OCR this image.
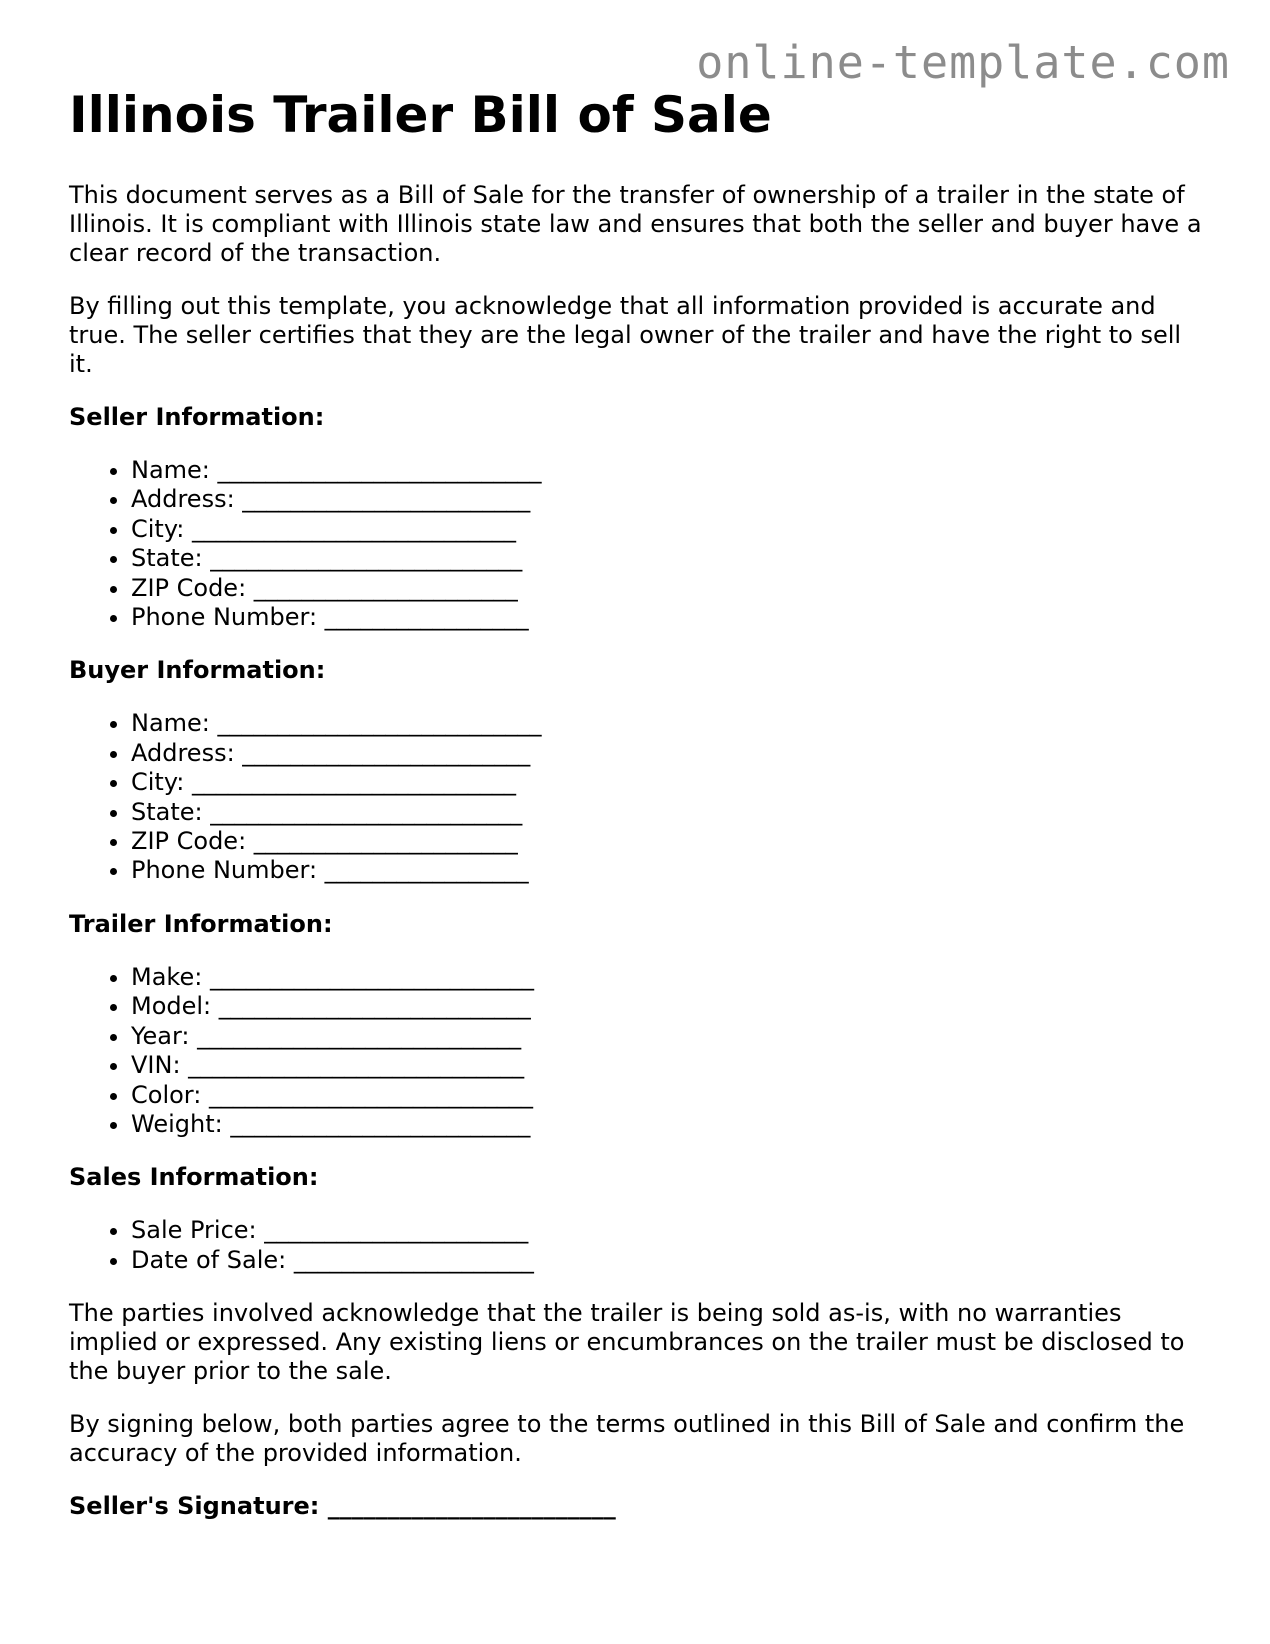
online-template.com
Illinois Trailer Bill of Sale

This document serves as a Bill of Sale for the transfer of ownership of a trailer in the state of Illinois. It is compliant with Illinois state law and ensures that both the seller and buyer have a clear record of the transaction.

By filling out this template, you acknowledge that all information provided is accurate and true. The seller certifies that they are the legal owner of the trailer and have the right to sell it.

Seller Information:

• Name: ___________________________
• Address: ________________________
• City: ___________________________
• State: __________________________
• ZIP Code: ______________________
• Phone Number: _________________

Buyer Information:

• Name: ___________________________
• Address: ________________________
• City: ___________________________
• State: __________________________
• ZIP Code: ______________________
• Phone Number: _________________

Trailer Information:

• Make: ___________________________
• Model: __________________________
• Year: ___________________________
• VIN: ____________________________
• Color: ___________________________
• Weight: _________________________

Sales Information:

• Sale Price: ______________________
• Date of Sale: ____________________

The parties involved acknowledge that the trailer is being sold as-is, with no warranties implied or expressed. Any existing liens or encumbrances on the trailer must be disclosed to the buyer prior to the sale.

By signing below, both parties agree to the terms outlined in this Bill of Sale and confirm the accuracy of the provided information.

Seller's Signature: ________________________
